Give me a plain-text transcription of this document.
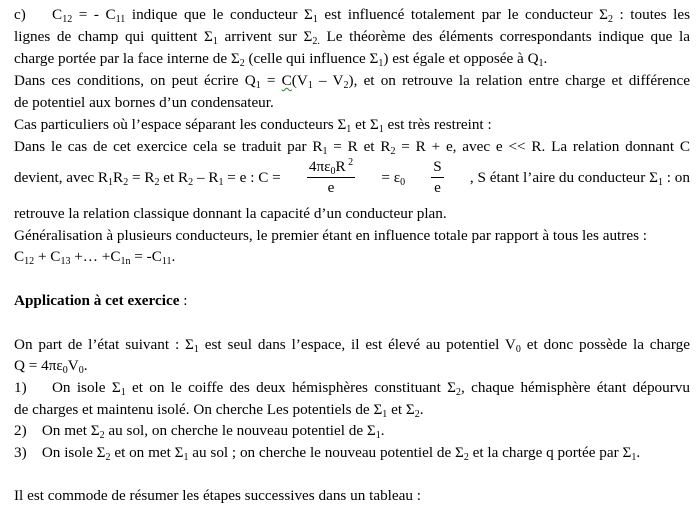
c)    $C_{12}$ = - $C_{11}$ indique que le conducteur $\Sigma_1$ est influencé totalement par le conducteur $\Sigma_2$ : toutes les
lignes de champ qui quittent $\Sigma_1$ arrivent sur $\Sigma_{2.}$ Le théorème des éléments correspondants indique que la
charge portée par la face interne de $\Sigma_2$ (celle qui influence $\Sigma_1$) est égale et opposée à $Q_1$.
Dans ces conditions, on peut écrire $Q_1 = C(V_1 - V_2)$, et on retrouve la relation entre charge et différence
de potentiel aux bornes d’un condensateur.
Cas particuliers où l’espace séparant les conducteurs $\Sigma_1$ et $\Sigma_1$ est très restreint :
Dans le cas de cet exercice cela se traduit par $R_1 = R$ et $R_2 = R + e$, avec e << R. La relation donnant C
devient, avec $R_1R_2 = R_2$ et $R_2 - R_1 = e$ : $C = \frac{4\pi\varepsilon_0R ^2}{e} = \varepsilon_0 \frac{S}{e}$ , S étant l’aire du conducteur $\Sigma_1$ : on
retrouve la relation classique donnant la capacité d’un conducteur plan.
Généralisation à plusieurs conducteurs, le premier étant en influence totale par rapport à tous les autres :
$C_{12} + C_{13}$ +… $+C_{1n} = -C_{11}$.
Application à cet exercice :
On part de l’état suivant : $\Sigma_1$ est seul dans l’espace, il est élevé au potentiel $V_0$ et donc possède la charge
$Q = 4\pi\varepsilon_0V_0$.
1)    On isole $\Sigma_1$ et on le coiffe des deux hémisphères constituant $\Sigma_2$, chaque hémisphère étant dépourvu
de charges et maintenu isolé. On cherche Les potentiels de $\Sigma_1$ et $\Sigma_2$.
2)    On met $\Sigma_2$ au sol, on cherche le nouveau potentiel de $\Sigma_1$.
3)    On isole $\Sigma_2$ et on met $\Sigma_1$ au sol ; on cherche le nouveau potentiel de $\Sigma_2$ et la charge q portée par $\Sigma_1$.
Il est commode de résumer les étapes successives dans un tableau :
